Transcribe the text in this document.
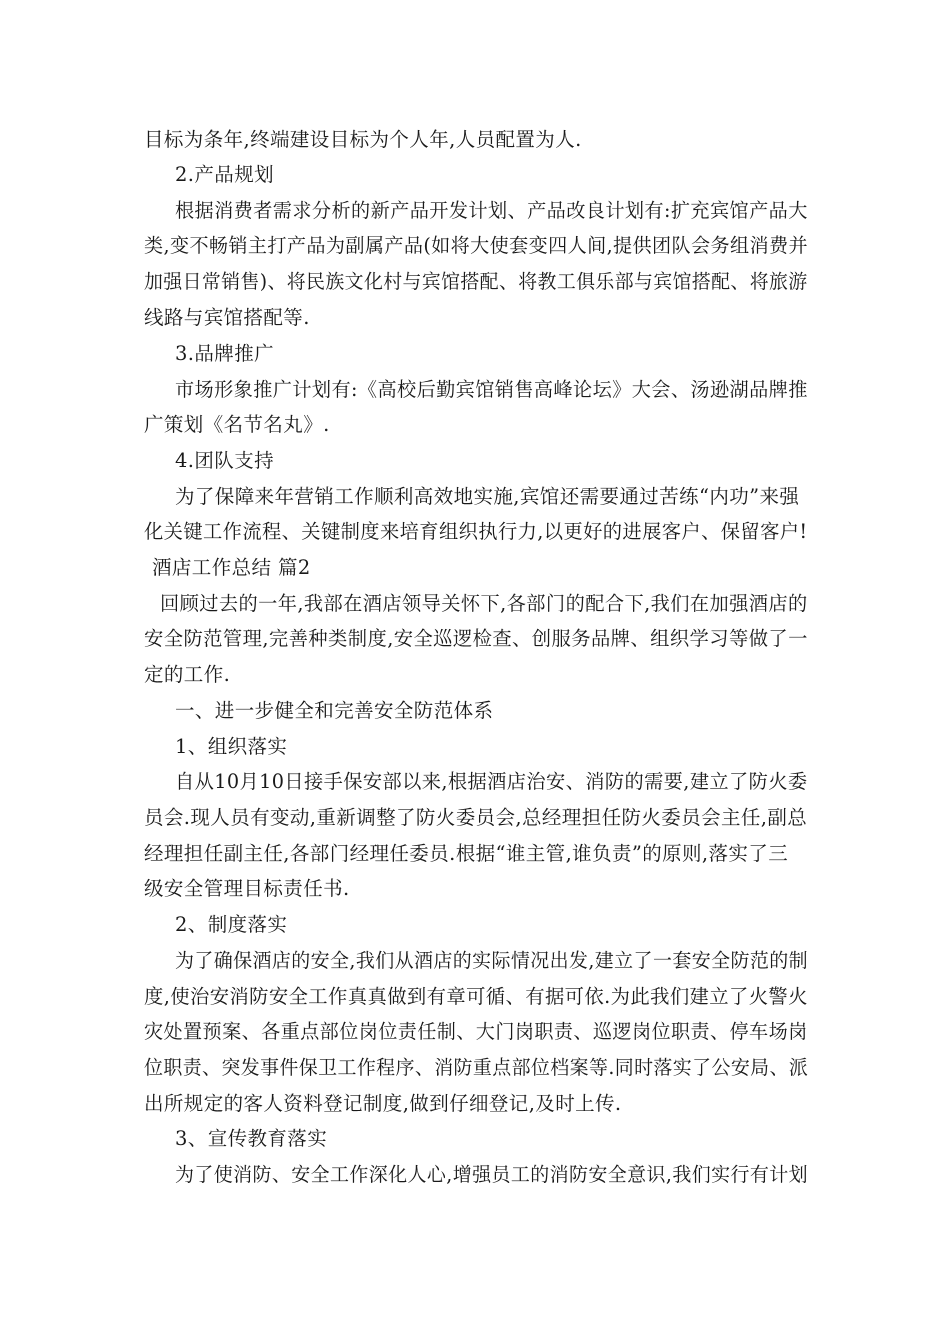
目标为条年,终端建设目标为个人年,人员配置为人.
2.产品规划
根据消费者需求分析的新产品开发计划、产品改良计划有:扩充宾馆产品大
类,变不畅销主打产品为副属产品(如将大使套变四人间,提供团队会务组消费并
加强日常销售)、将民族文化村与宾馆搭配、将教工俱乐部与宾馆搭配、将旅游
线路与宾馆搭配等.
3.品牌推广
市场形象推广计划有:《高校后勤宾馆销售高峰论坛》大会、汤逊湖品牌推
广策划《名节名丸》.
4.团队支持
为了保障来年营销工作顺利高效地实施,宾馆还需要通过苦练“内功”来强
化关键工作流程、关键制度来培育组织执行力,以更好的进展客户、保留客户!
酒店工作总结 篇2
回顾过去的一年,我部在酒店领导关怀下,各部门的配合下,我们在加强酒店的
安全防范管理,完善种类制度,安全巡逻检查、创服务品牌、组织学习等做了一
定的工作.
一、进一步健全和完善安全防范体系
1、组织落实
自从10月10日接手保安部以来,根据酒店治安、消防的需要,建立了防火委
员会.现人员有变动,重新调整了防火委员会,总经理担任防火委员会主任,副总
经理担任副主任,各部门经理任委员.根据“谁主管,谁负责”的原则,落实了三
级安全管理目标责任书.
2、制度落实
为了确保酒店的安全,我们从酒店的实际情况出发,建立了一套安全防范的制
度,使治安消防安全工作真真做到有章可循、有据可依.为此我们建立了火警火
灾处置预案、各重点部位岗位责任制、大门岗职责、巡逻岗位职责、停车场岗
位职责、突发事件保卫工作程序、消防重点部位档案等.同时落实了公安局、派
出所规定的客人资料登记制度,做到仔细登记,及时上传.
3、宣传教育落实
为了使消防、安全工作深化人心,增强员工的消防安全意识,我们实行有计划
